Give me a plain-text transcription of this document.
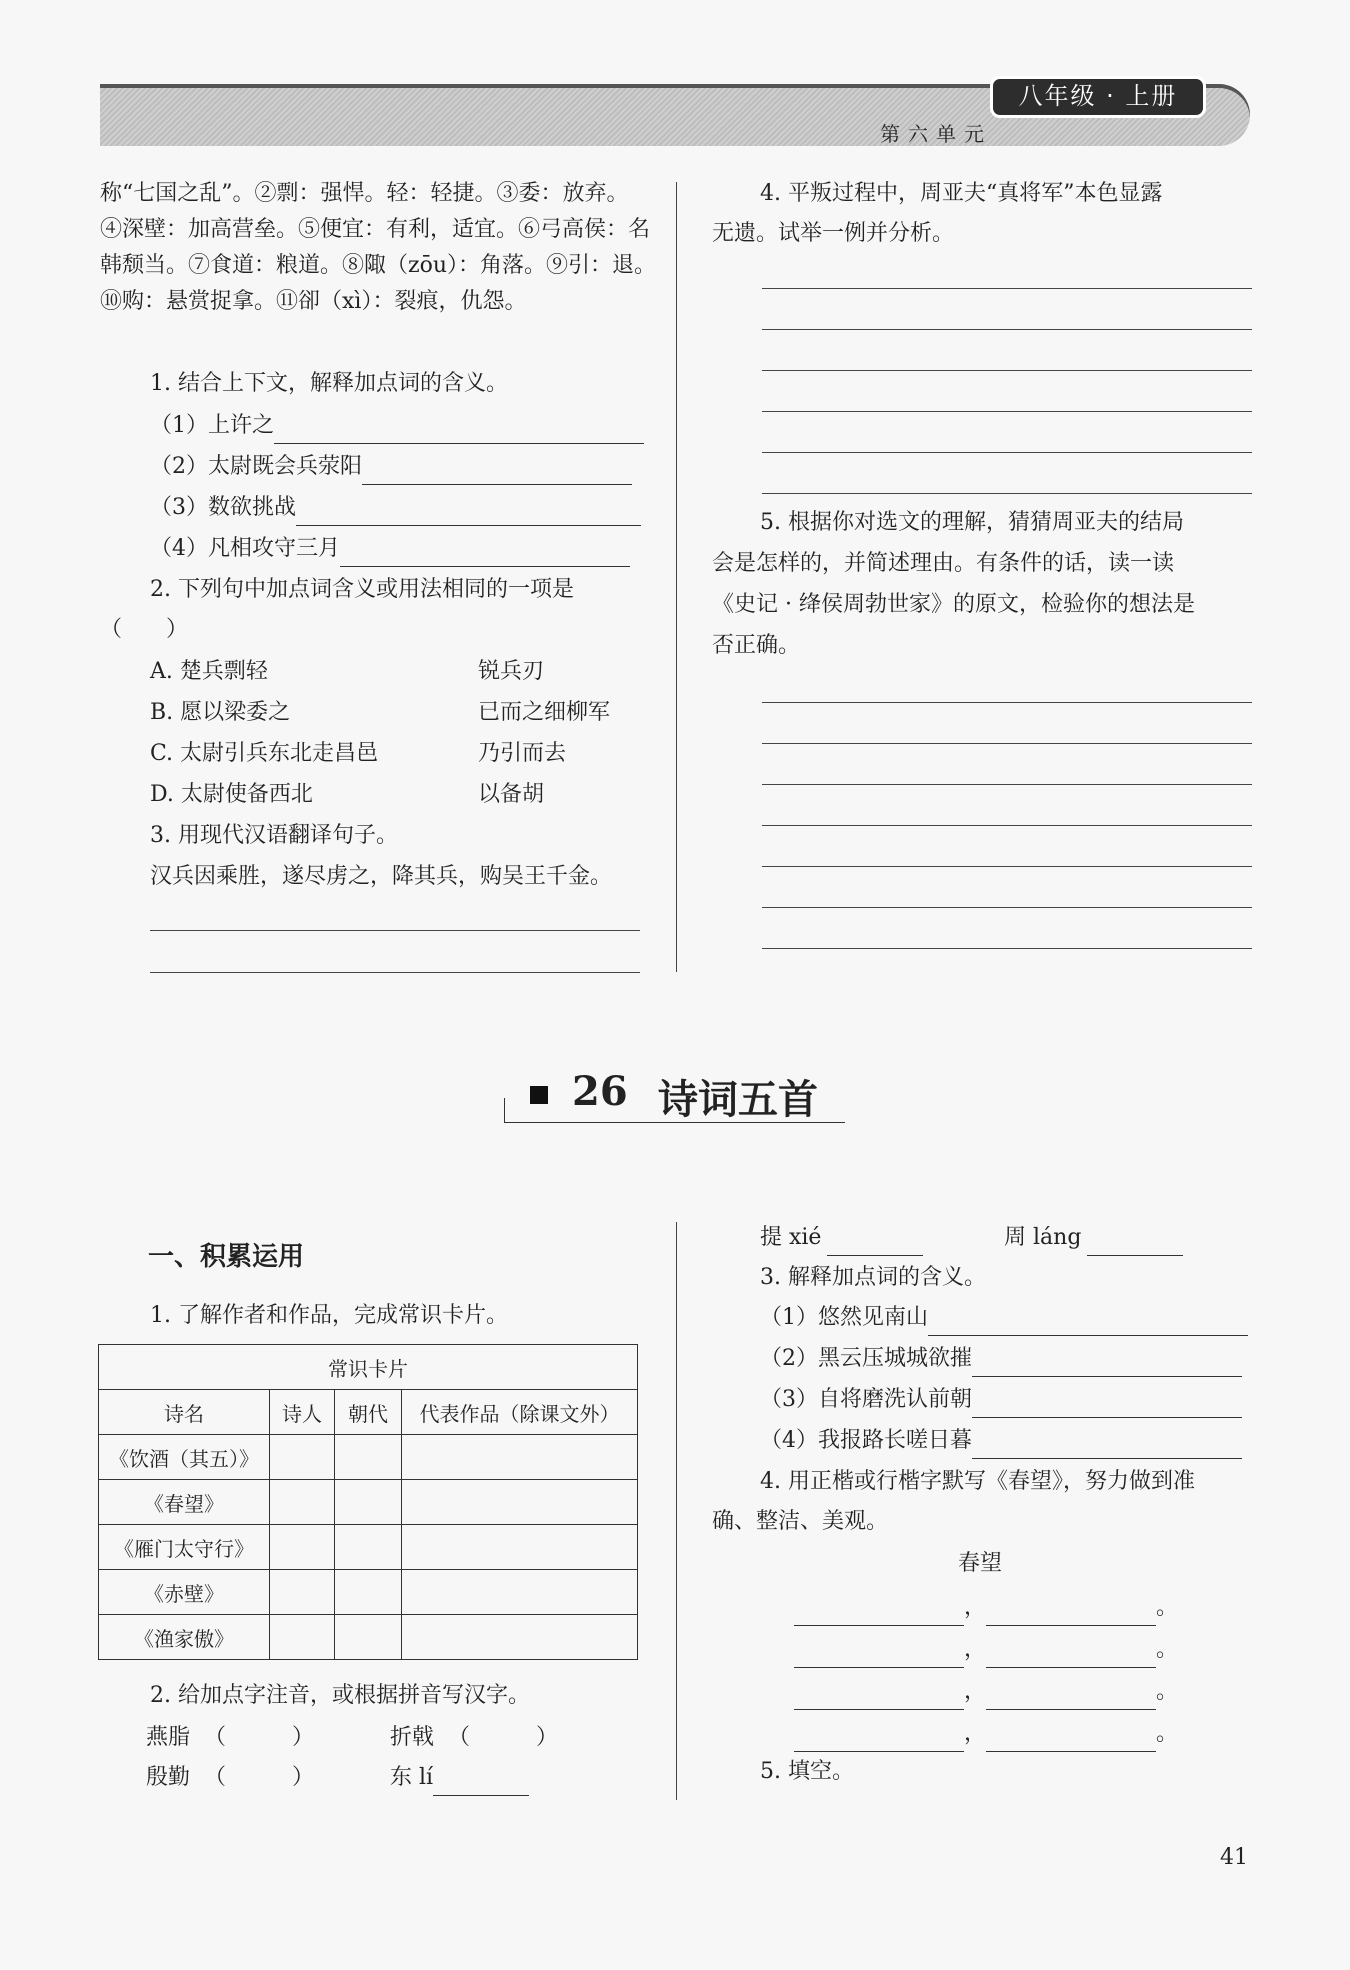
八年级 · 上册
第六单元
称“七国之乱”。②剽：强悍。轻：轻捷。③委：放弃。
④深壁：加高营垒。⑤便宜：有利，适宜。⑥弓高侯：名
韩颓当。⑦食道：粮道。⑧陬（zōu）：角落。⑨引：退。
⑩购：悬赏捉拿。⑪卻（xì）：裂痕，仇怨。
1. 结合上下文，解释加点词的含义。
（1）上许之
（2）太尉既会兵荥阳
（3）数欲挑战
（4）凡相攻守三月
2. 下列句中加点词含义或用法相同的一项是
（　　）
A. 楚兵剽轻	锐兵刃
B. 愿以梁委之	已而之细柳军
C. 太尉引兵东北走昌邑	乃引而去
D. 太尉使备西北	以备胡
3. 用现代汉语翻译句子。
汉兵因乘胜，遂尽虏之，降其兵，购吴王千金。
4. 平叛过程中，周亚夫“真将军”本色显露
无遗。试举一例并分析。
5. 根据你对选文的理解，猜猜周亚夫的结局
会是怎样的，并简述理由。有条件的话，读一读
《史记 · 绛侯周勃世家》的原文，检验你的想法是
否正确。
26 诗词五首
一、积累运用
1. 了解作者和作品，完成常识卡片。
常识卡片			
诗名	诗人	朝代	代表作品（除课文外）
《饮酒（其五）》			
《春望》			
《雁门太守行》			
《赤壁》			
《渔家傲》			
2. 给加点字注音，或根据拼音写汉字。
燕脂 （　　　）	折戟 （　　　）
殷勤 （　　　）	东 lí
提 xié	周 láng
3. 解释加点词的含义。
（1）悠然见南山
（2）黑云压城城欲摧
（3）自将磨洗认前朝
（4）我报路长嗟日暮
4. 用正楷或行楷字默写《春望》，努力做到准
确、整洁、美观。
春望
，	。
，	。
，	。
，	。
5. 填空。
41
